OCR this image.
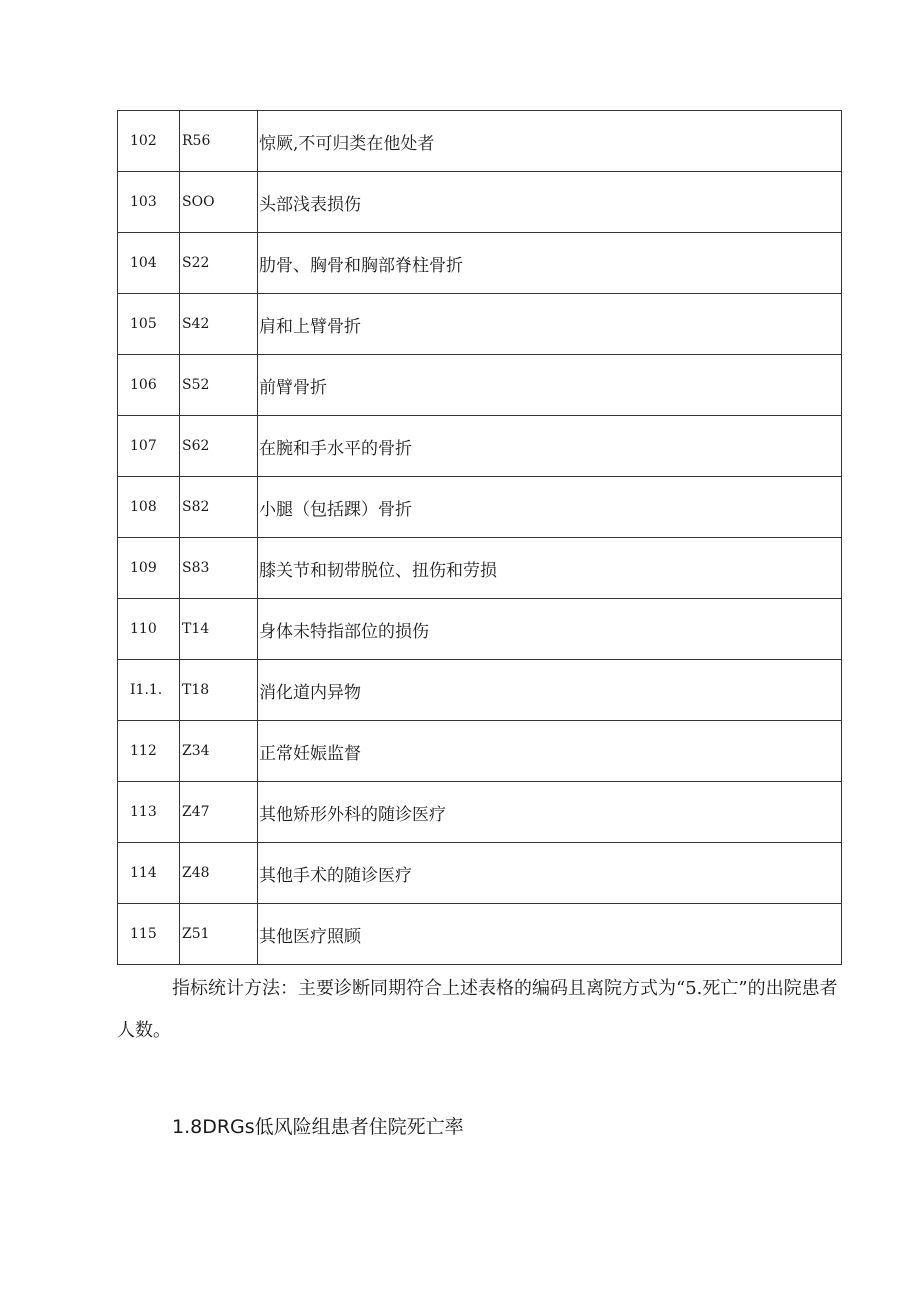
102	R56	惊厥,不可归类在他处者
103	SOO	头部浅表损伤
104	S22	肋骨、胸骨和胸部脊柱骨折
105	S42	肩和上臂骨折
106	S52	前臂骨折
107	S62	在腕和手水平的骨折
108	S82	小腿（包括踝）骨折
109	S83	膝关节和韧带脱位、扭伤和劳损
110	T14	身体未特指部位的损伤
I1.1.	T18	消化道内异物
112	Z34	正常妊娠监督
113	Z47	其他矫形外科的随诊医疗
114	Z48	其他手术的随诊医疗
115	Z51	其他医疗照顾

指标统计方法：主要诊断同期符合上述表格的编码且离院方式为“5.死亡”的出院患者人数。

1.8DRGs低风险组患者住院死亡率
